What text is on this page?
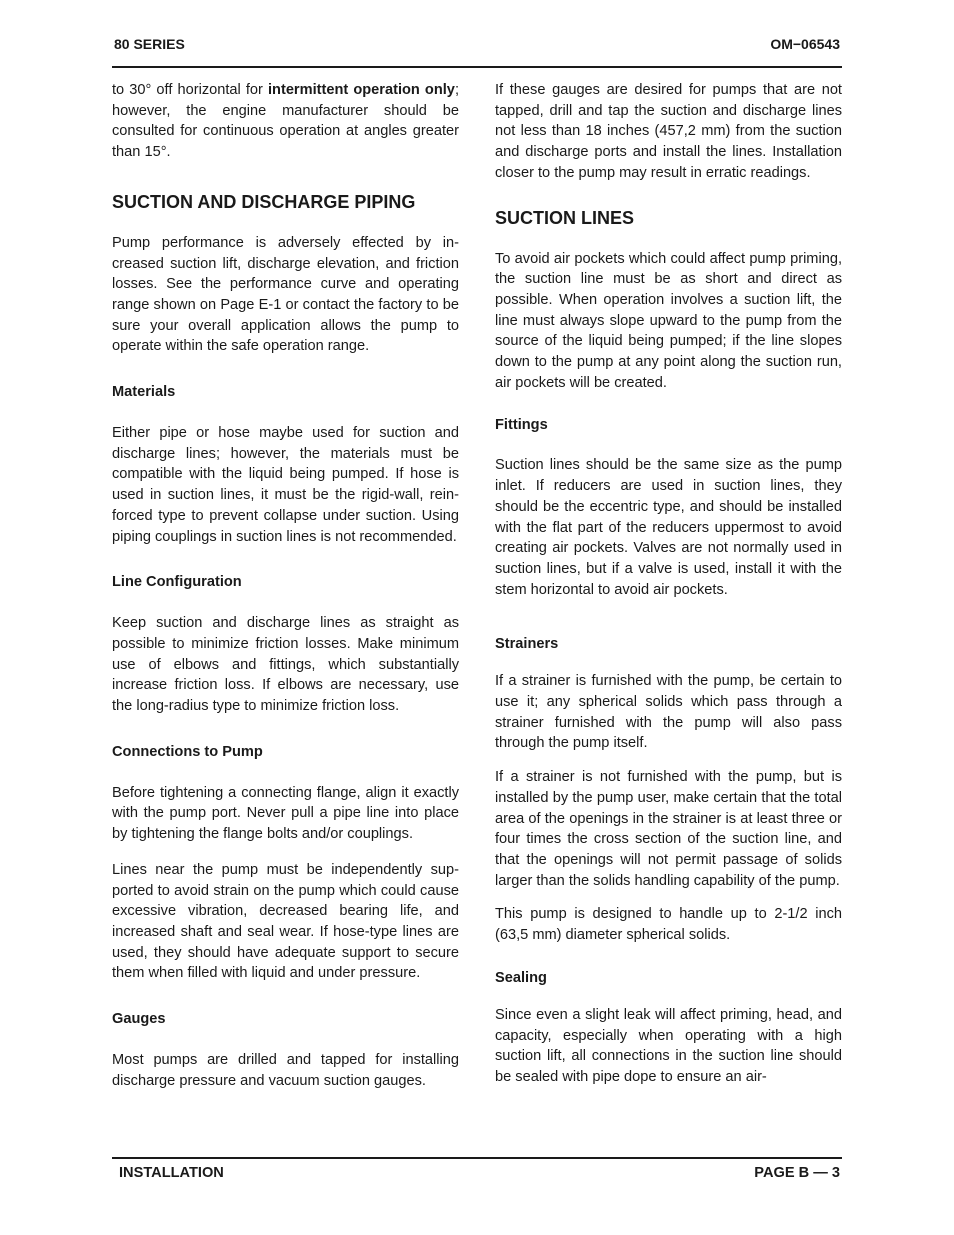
80 SERIES	OM−06543

to 30° off horizontal for intermittent operation only; however, the engine manufacturer should be consulted for continuous operation at angles greater than 15°.

SUCTION AND DISCHARGE PIPING

Pump performance is adversely effected by increased suction lift, discharge elevation, and friction losses. See the performance curve and operating range shown on Page E-1 or contact the factory to be sure your overall application allows the pump to operate within the safe operation range.

Materials

Either pipe or hose maybe used for suction and discharge lines; however, the materials must be compatible with the liquid being pumped. If hose is used in suction lines, it must be the rigid-wall, reinforced type to prevent collapse under suction. Using piping couplings in suction lines is not recommended.

Line Configuration

Keep suction and discharge lines as straight as possible to minimize friction losses. Make minimum use of elbows and fittings, which substantially increase friction loss. If elbows are necessary, use the long-radius type to minimize friction loss.

Connections to Pump

Before tightening a connecting flange, align it exactly with the pump port. Never pull a pipe line into place by tightening the flange bolts and/or couplings.

Lines near the pump must be independently supported to avoid strain on the pump which could cause excessive vibration, decreased bearing life, and increased shaft and seal wear. If hose-type lines are used, they should have adequate support to secure them when filled with liquid and under pressure.

Gauges

Most pumps are drilled and tapped for installing discharge pressure and vacuum suction gauges.

If these gauges are desired for pumps that are not tapped, drill and tap the suction and discharge lines not less than 18 inches (457,2 mm) from the suction and discharge ports and install the lines. Installation closer to the pump may result in erratic readings.

SUCTION LINES

To avoid air pockets which could affect pump priming, the suction line must be as short and direct as possible. When operation involves a suction lift, the line must always slope upward to the pump from the source of the liquid being pumped; if the line slopes down to the pump at any point along the suction run, air pockets will be created.

Fittings

Suction lines should be the same size as the pump inlet. If reducers are used in suction lines, they should be the eccentric type, and should be installed with the flat part of the reducers uppermost to avoid creating air pockets. Valves are not normally used in suction lines, but if a valve is used, install it with the stem horizontal to avoid air pockets.

Strainers

If a strainer is furnished with the pump, be certain to use it; any spherical solids which pass through a strainer furnished with the pump will also pass through the pump itself.

If a strainer is not furnished with the pump, but is installed by the pump user, make certain that the total area of the openings in the strainer is at least three or four times the cross section of the suction line, and that the openings will not permit passage of solids larger than the solids handling capability of the pump.

This pump is designed to handle up to 2-1/2 inch (63,5 mm) diameter spherical solids.

Sealing

Since even a slight leak will affect priming, head, and capacity, especially when operating with a high suction lift, all connections in the suction line should be sealed with pipe dope to ensure an air-

INSTALLATION	PAGE B — 3
